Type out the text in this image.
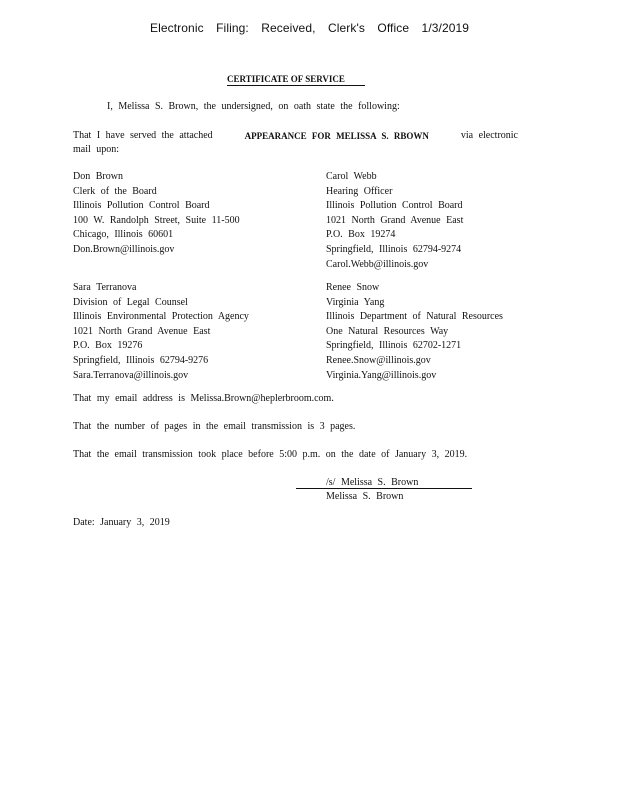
Electronic Filing: Received, Clerk's Office 1/3/2019
CERTIFICATE OF SERVICE
I, Melissa S. Brown, the undersigned, on oath state the following:
That I have served the attached	APPEARANCE FOR MELISSA S. RBOWN	via electronic
mail upon:
Don Brown
Clerk of the Board
Illinois Pollution Control Board
100 W. Randolph Street, Suite 11-500
Chicago, Illinois 60601
Don.Brown@illinois.gov
Carol Webb
Hearing Officer
Illinois Pollution Control Board
1021 North Grand Avenue East
P.O. Box 19274
Springfield, Illinois 62794-9274
Carol.Webb@illinois.gov
Sara Terranova
Division of Legal Counsel
Illinois Environmental Protection Agency
1021 North Grand Avenue East
P.O. Box 19276
Springfield, Illinois 62794-9276
Sara.Terranova@illinois.gov
Renee Snow
Virginia Yang
Illinois Department of Natural Resources
One Natural Resources Way
Springfield, Illinois 62702-1271
Renee.Snow@illinois.gov
Virginia.Yang@illinois.gov
That my email address is Melissa.Brown@heplerbroom.com.
That the number of pages in the email transmission is 3 pages.
That the email transmission took place before 5:00 p.m. on the date of January 3, 2019.
/s/ Melissa S. Brown
Melissa S. Brown
Date: January 3, 2019
